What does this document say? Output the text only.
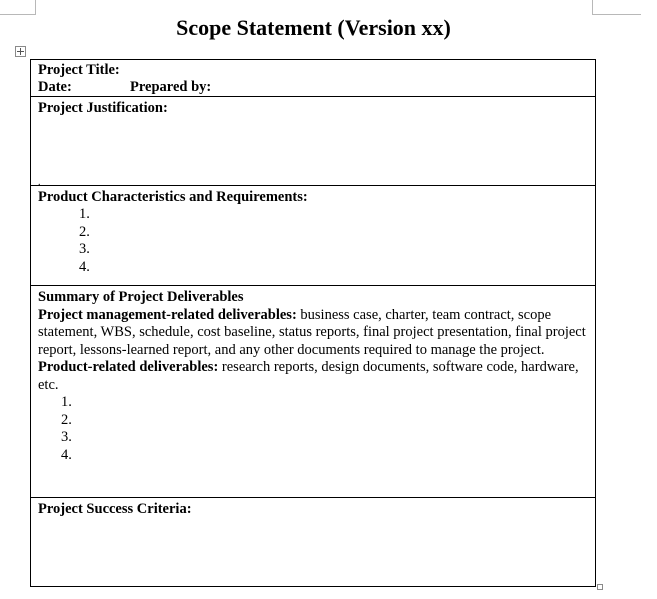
Scope Statement (Version xx)
Project Title:
Date:	Prepared by:
Project Justification:
.
Product Characteristics and Requirements:
1.
2.
3.
4.

Summary of Project Deliverables

Project management-related deliverables: business case, charter, team contract, scope statement, WBS, schedule, cost baseline, status reports, final project presentation, final project report, lessons-learned report, and any other documents required to manage the project.

Product-related deliverables: research reports, design documents, software code, hardware, etc.

1.
2.
3.
4.
Project Success Criteria:
